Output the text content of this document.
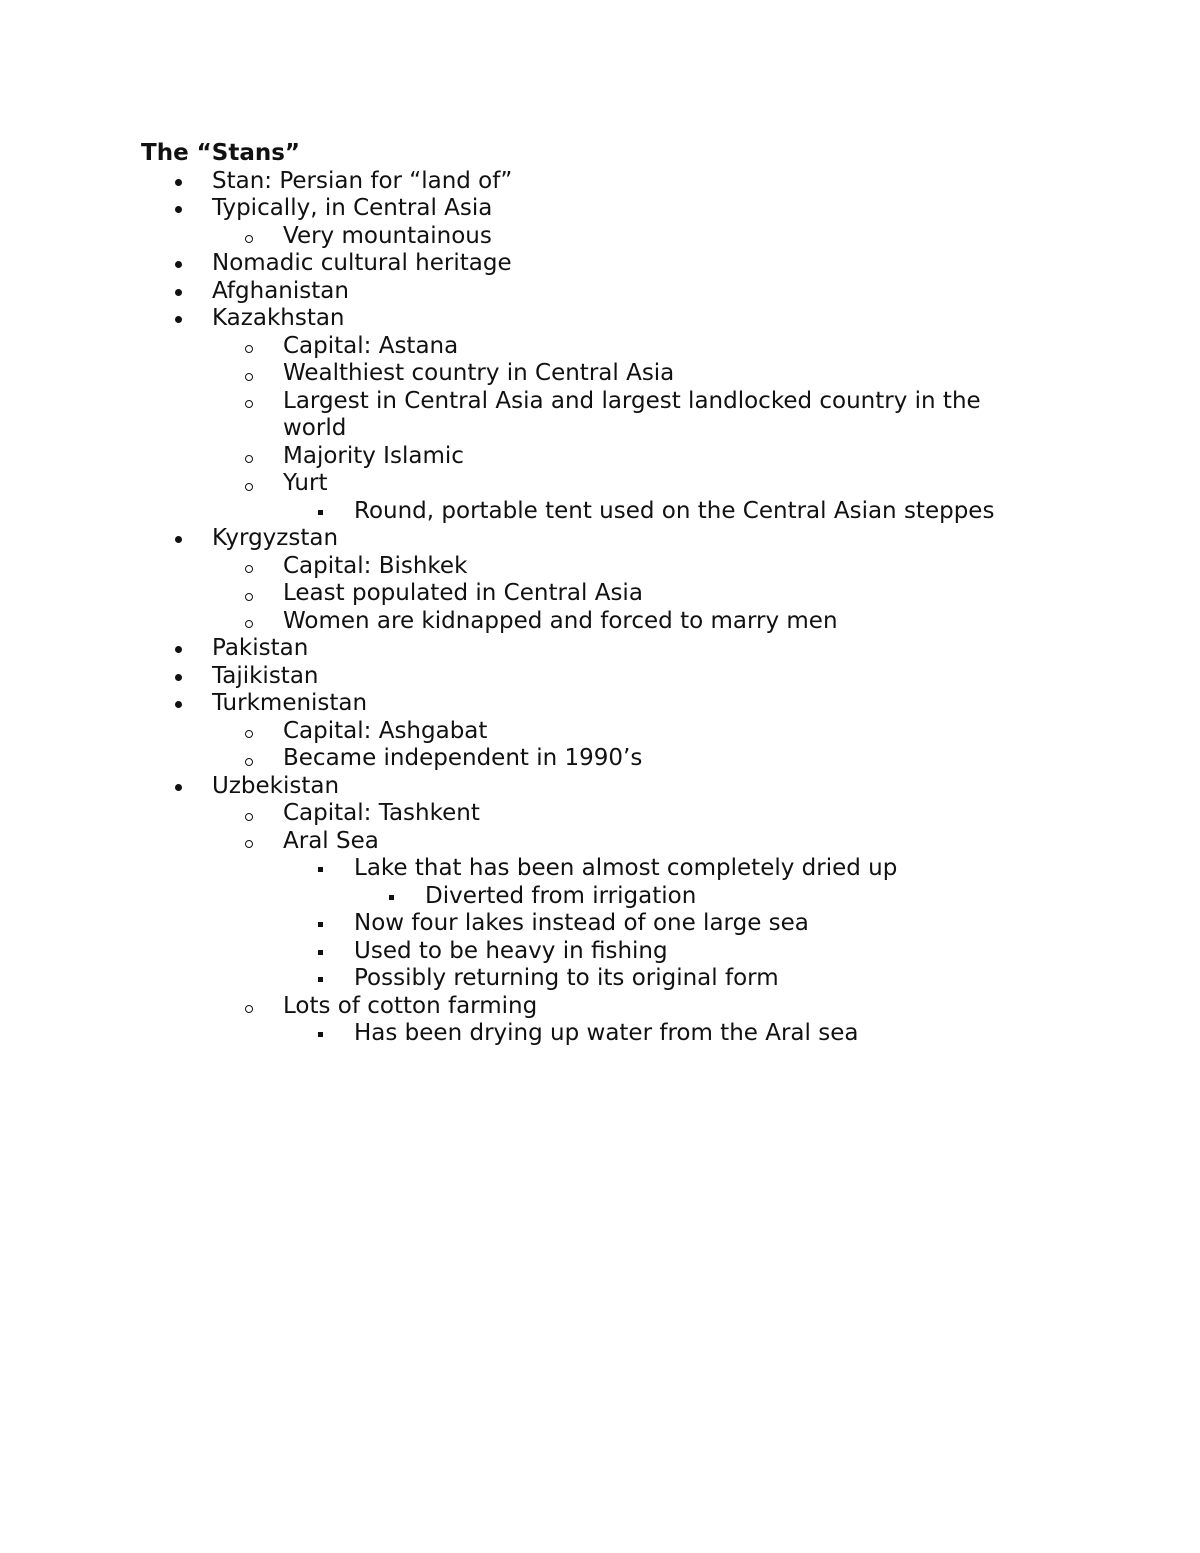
The “Stans”
Stan: Persian for “land of”
Typically, in Central Asia
Very mountainous
Nomadic cultural heritage
Afghanistan
Kazakhstan
Capital: Astana
Wealthiest country in Central Asia
Largest in Central Asia and largest landlocked country in the world
Majority Islamic
Yurt
Round, portable tent used on the Central Asian steppes
Kyrgyzstan
Capital: Bishkek
Least populated in Central Asia
Women are kidnapped and forced to marry men
Pakistan
Tajikistan
Turkmenistan
Capital: Ashgabat
Became independent in 1990’s
Uzbekistan
Capital: Tashkent
Aral Sea
Lake that has been almost completely dried up
Diverted from irrigation
Now four lakes instead of one large sea
Used to be heavy in fishing
Possibly returning to its original form
Lots of cotton farming
Has been drying up water from the Aral sea
